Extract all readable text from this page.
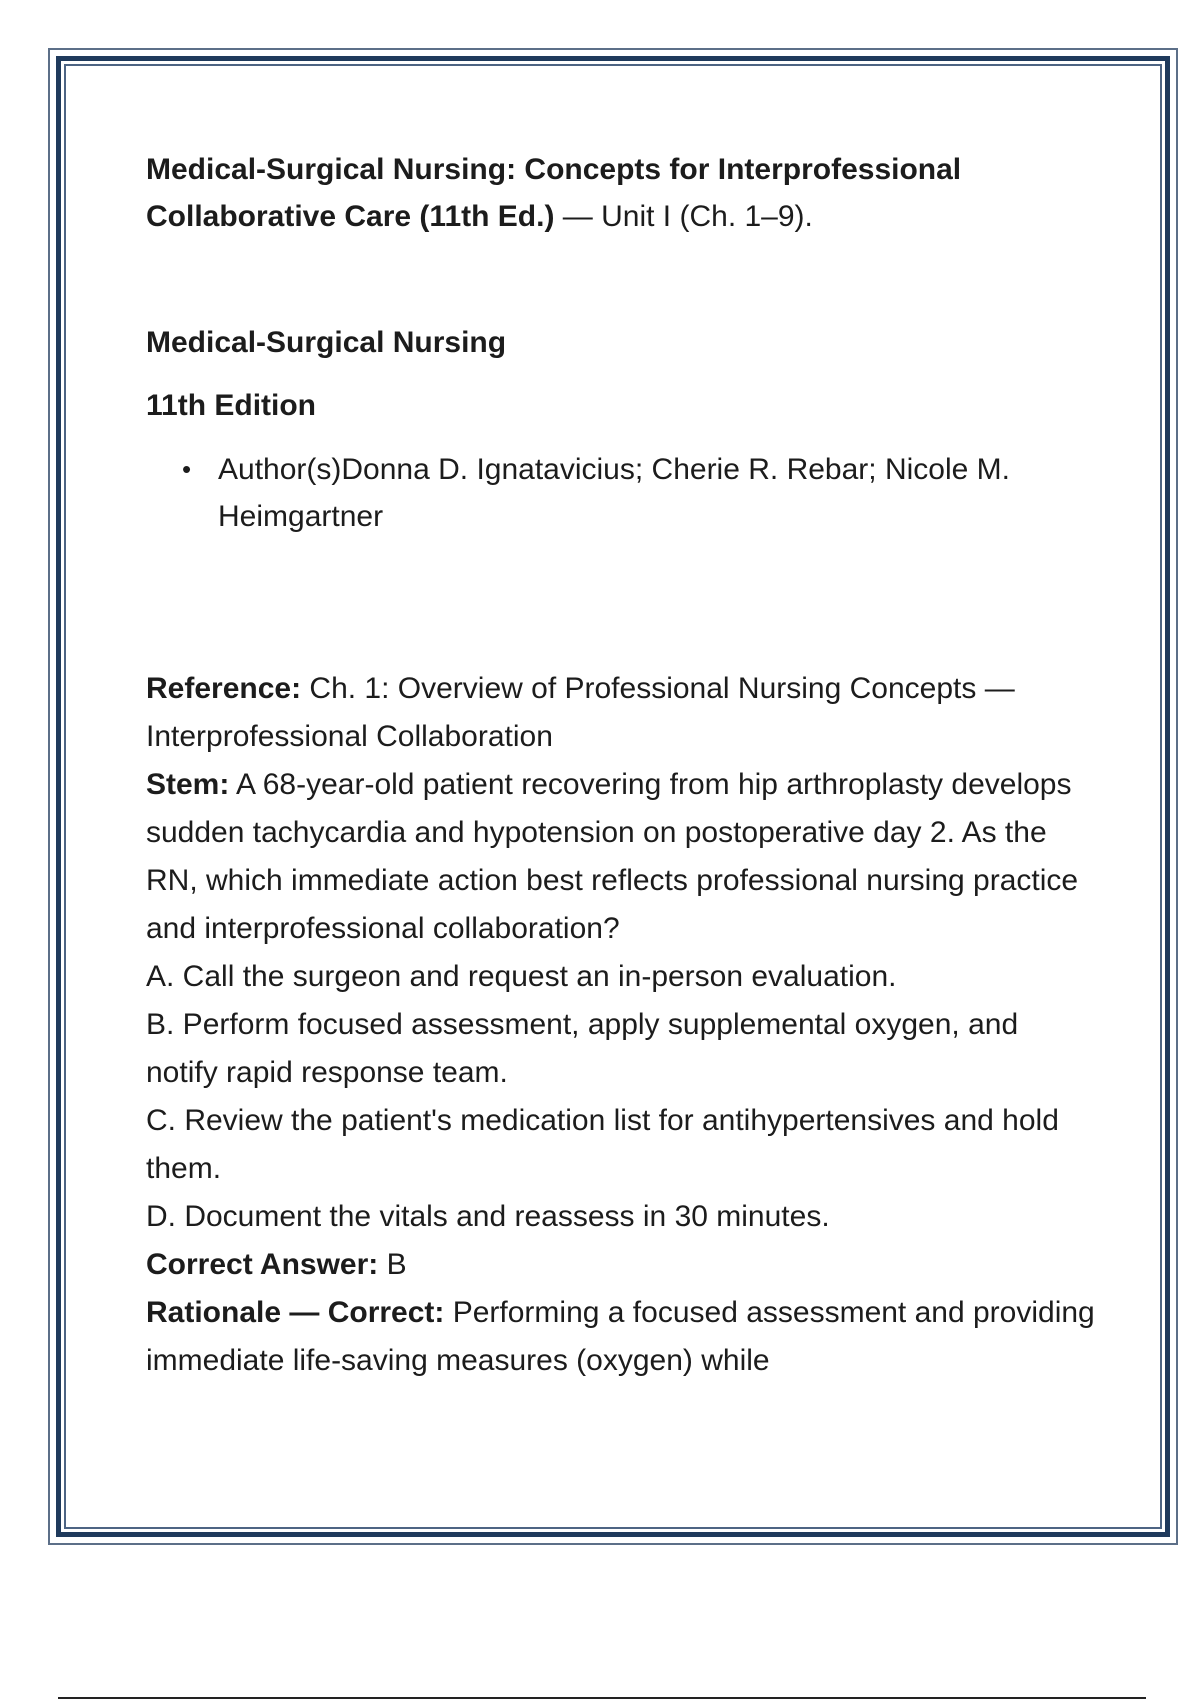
Medical-Surgical Nursing: Concepts for Interprofessional Collaborative Care (11th Ed.) — Unit I (Ch. 1–9).

Medical-Surgical Nursing

11th Edition

• Author(s)Donna D. Ignatavicius; Cherie R. Rebar; Nicole M. Heimgartner

Reference: Ch. 1: Overview of Professional Nursing Concepts — Interprofessional Collaboration

Stem: A 68-year-old patient recovering from hip arthroplasty develops sudden tachycardia and hypotension on postoperative day 2. As the RN, which immediate action best reflects professional nursing practice and interprofessional collaboration?

A. Call the surgeon and request an in-person evaluation.

B. Perform focused assessment, apply supplemental oxygen, and notify rapid response team.

C. Review the patient's medication list for antihypertensives and hold them.

D. Document the vitals and reassess in 30 minutes.

Correct Answer: B

Rationale — Correct: Performing a focused assessment and providing immediate life-saving measures (oxygen) while
